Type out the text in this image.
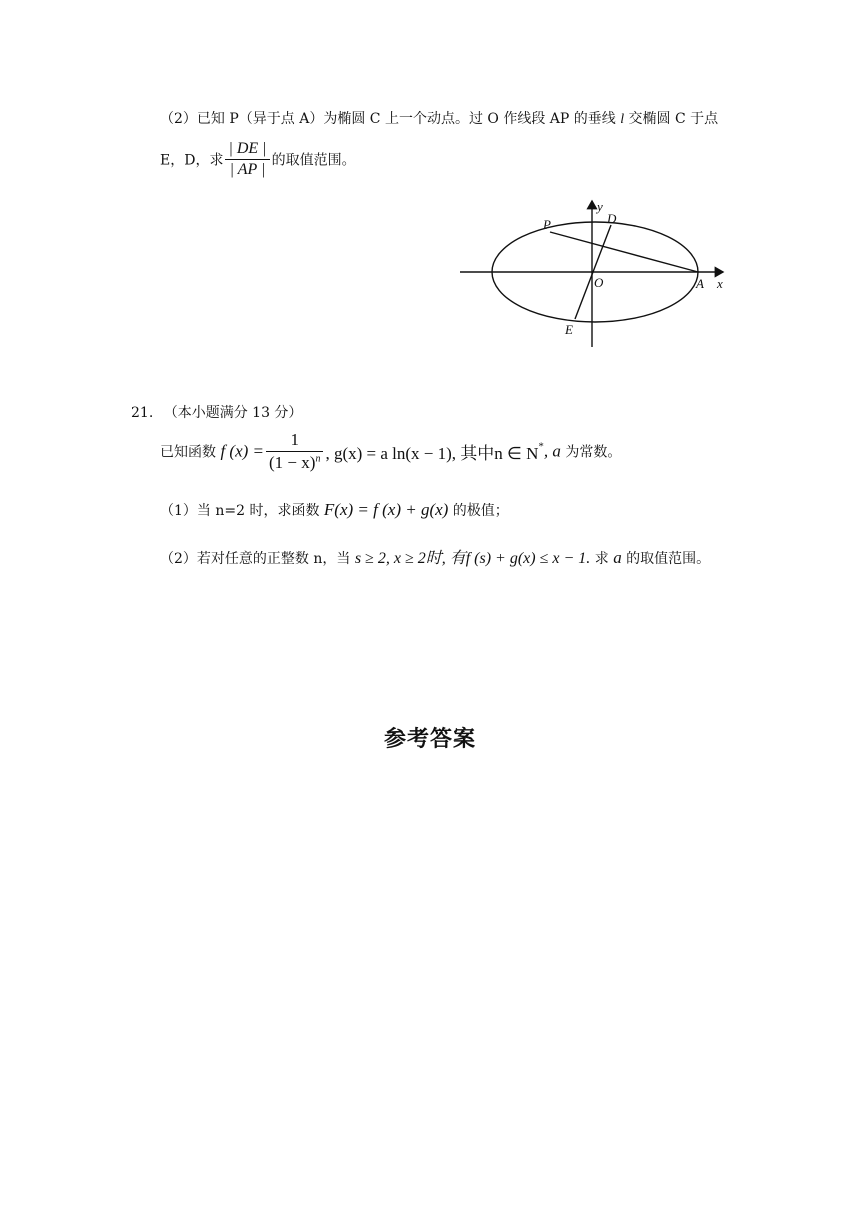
（2）已知 P（异于点 A）为椭圆 C 上一个动点。过 O 作线段 AP 的垂线 l 交椭圆 C 于点
E，D，求 $\frac{| DE |}{| AP |}$ 的取值范围。
P	D
y
O	A x
E
21. （本小题满分 13 分）
已知函数 f $(x) = \frac{1}{(1 - x)^n}$ , g(x) = a ln(x − 1), 其中n ∈ N*, a 为常数。
（1）当 n=2 时，求函数 F(x) = f (x) + g(x) 的极值；
（2）若对任意的正整数 n，当 s ≥ 2, x ≥ 2时, 有f (s) + g(x) ≤ x − 1. 求 a 的取值范围。
参考答案
